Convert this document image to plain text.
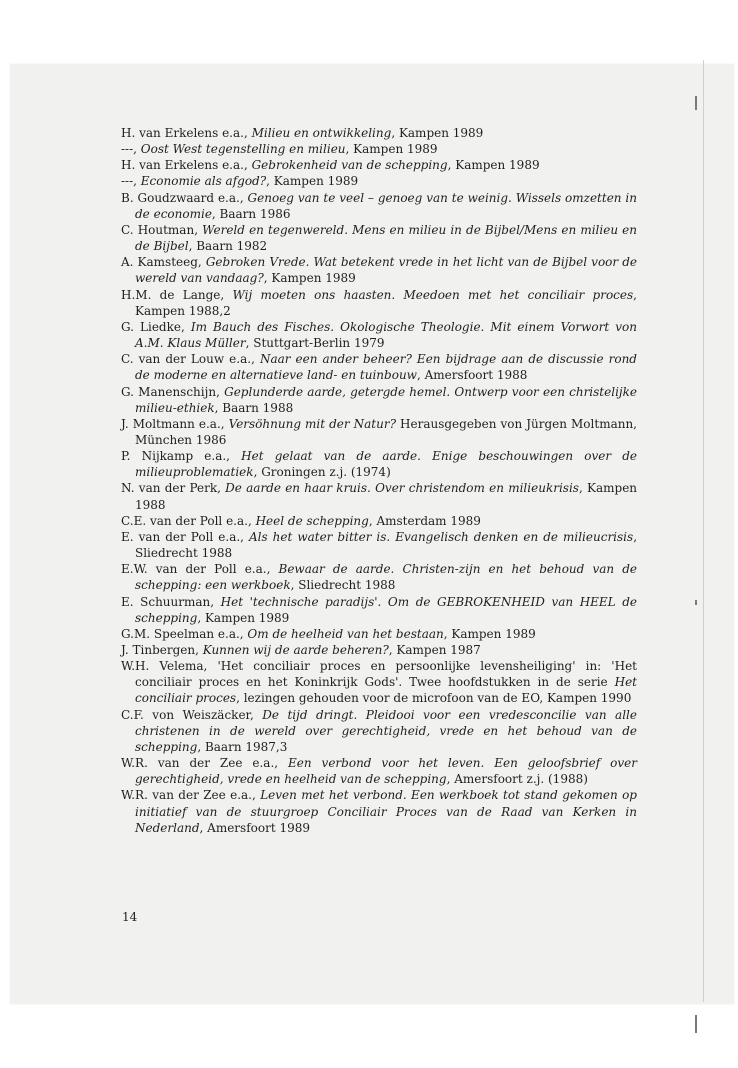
H. van Erkelens e.a., Milieu en ontwikkeling, Kampen 1989
---, Oost West tegenstelling en milieu, Kampen 1989
H. van Erkelens e.a., Gebrokenheid van de schepping, Kampen 1989
---, Economie als afgod?, Kampen 1989
B. Goudzwaard e.a., Genoeg van te veel – genoeg van te weinig. Wissels omzetten in de economie, Baarn 1986
C. Houtman, Wereld en tegenwereld. Mens en milieu in de Bijbel/Mens en milieu en de Bijbel, Baarn 1982
A. Kamsteeg, Gebroken Vrede. Wat betekent vrede in het licht van de Bijbel voor de wereld van vandaag?, Kampen 1989
H.M. de Lange, Wij moeten ons haasten. Meedoen met het conciliair proces, Kampen 1988,2
G. Liedke, Im Bauch des Fisches. Okologische Theologie. Mit einem Vorwort von A.M. Klaus Müller, Stuttgart-Berlin 1979
C. van der Louw e.a., Naar een ander beheer? Een bijdrage aan de discussie rond de moderne en alternatieve land- en tuinbouw, Amersfoort 1988
G. Manenschijn, Geplunderde aarde, getergde hemel. Ontwerp voor een christelijke milieu-ethiek, Baarn 1988
J. Moltmann e.a., Versöhnung mit der Natur? Herausgegeben von Jürgen Moltmann, München 1986
P. Nijkamp e.a., Het gelaat van de aarde. Enige beschouwingen over de milieuproblematiek, Groningen z.j. (1974)
N. van der Perk, De aarde en haar kruis. Over christendom en milieukrisis, Kampen 1988
C.E. van der Poll e.a., Heel de schepping, Amsterdam 1989
E. van der Poll e.a., Als het water bitter is. Evangelisch denken en de milieucrisis, Sliedrecht 1988
E.W. van der Poll e.a., Bewaar de aarde. Christen-zijn en het behoud van de schepping: een werkboek, Sliedrecht 1988
E. Schuurman, Het 'technische paradijs'. Om de GEBROKENHEID van HEEL de schepping, Kampen 1989
G.M. Speelman e.a., Om de heelheid van het bestaan, Kampen 1989
J. Tinbergen, Kunnen wij de aarde beheren?, Kampen 1987
W.H. Velema, 'Het conciliair proces en persoonlijke levensheiliging' in: 'Het conciliair proces en het Koninkrijk Gods'. Twee hoofdstukken in de serie Het conciliair proces, lezingen gehouden voor de microfoon van de EO, Kampen 1990
C.F. von Weiszäcker, De tijd dringt. Pleidooi voor een vredesconcilie van alle christenen in de wereld over gerechtigheid, vrede en het behoud van de schepping, Baarn 1987,3
W.R. van der Zee e.a., Een verbond voor het leven. Een geloofsbrief over gerechtigheid, vrede en heelheid van de schepping, Amersfoort z.j. (1988)
W.R. van der Zee e.a., Leven met het verbond. Een werkboek tot stand gekomen op initiatief van de stuurgroep Conciliair Proces van de Raad van Kerken in Nederland, Amersfoort 1989
14
